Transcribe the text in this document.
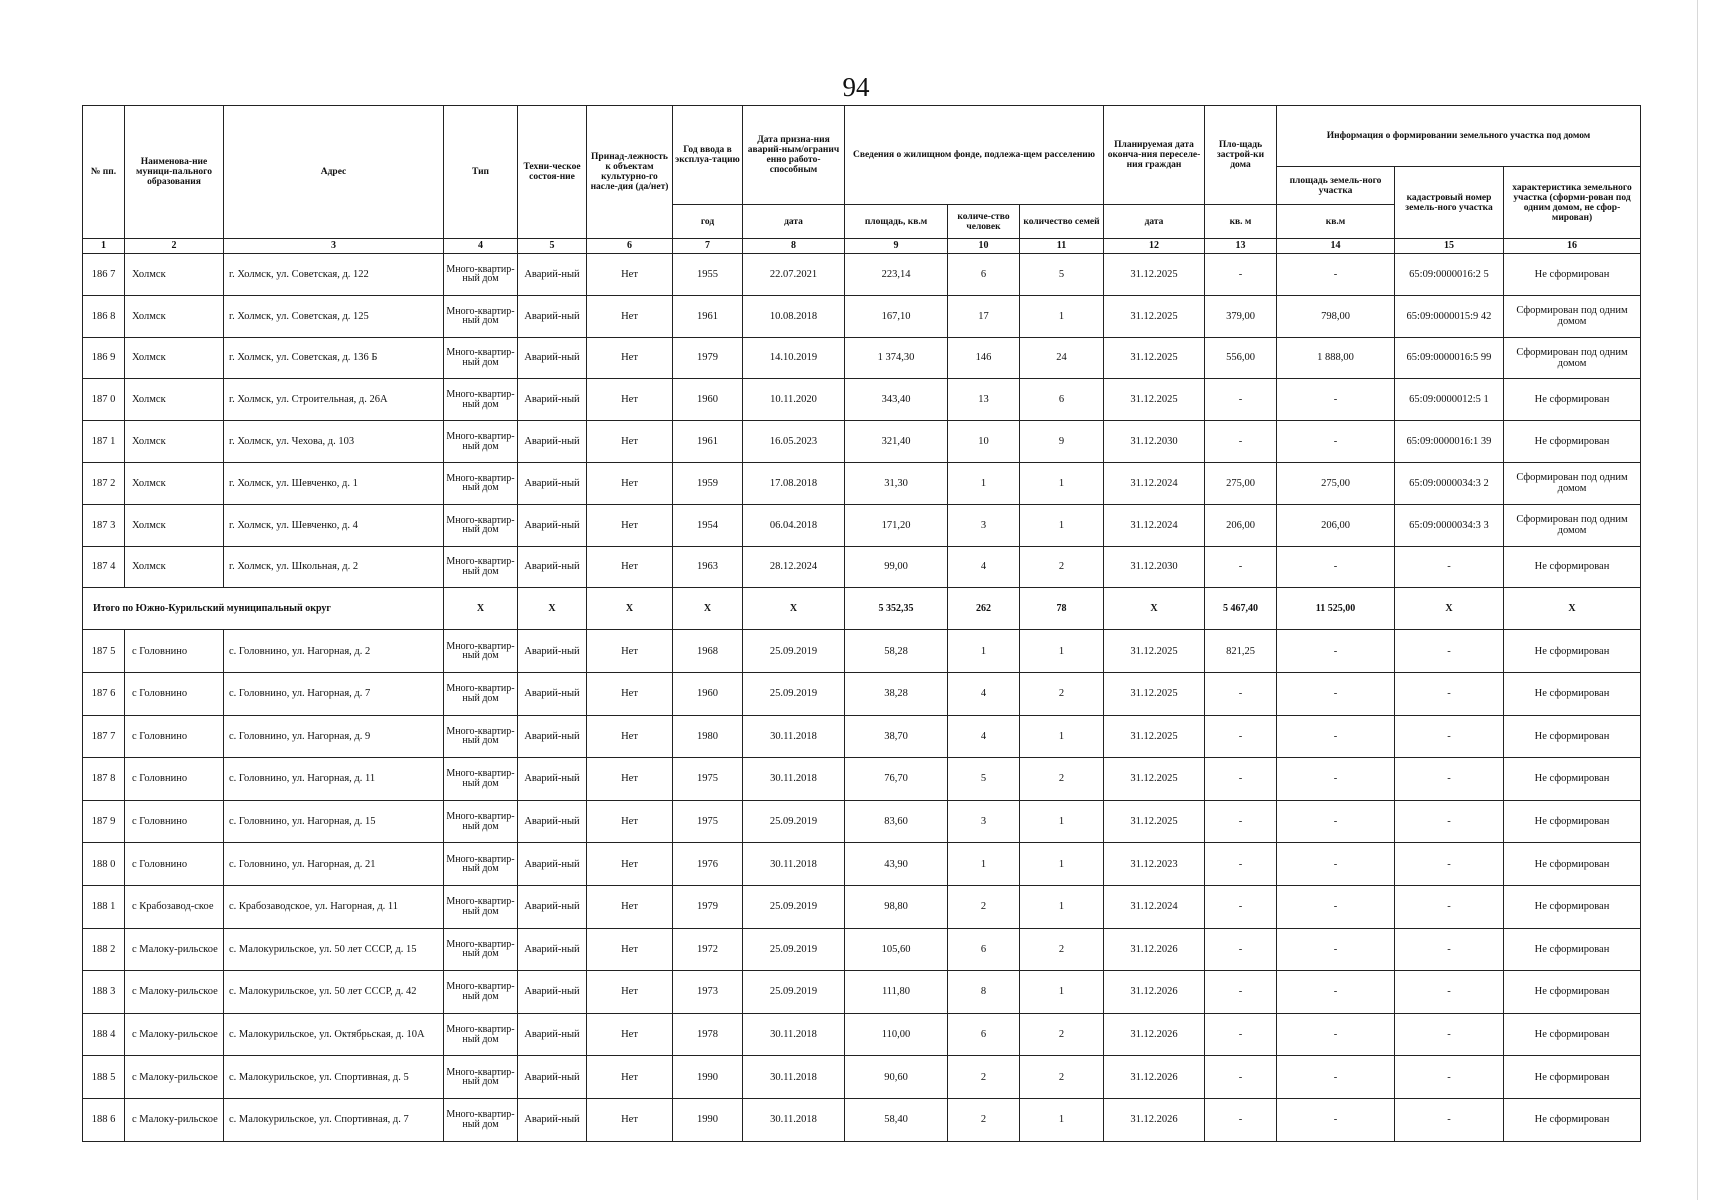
94
№ пп.	Наименова-ние муници-пального образования	Адрес	Тип	Техни-ческое состоя-ние	Принад-лежность к объектам культурно-го насле-дия (да/нет)	Год ввода в эксплуа-тацию	Дата призна-ния аварий-ным/огранич енно работо-способным	Сведения о жилищном фонде, подлежа-щем расселению			Планируемая дата оконча-ния переселе-ния граждан	Пло-щадь застрой-ки дома	Информация о формировании земельного участка под домом		
													площадь земель-ного участка	кадастровый номер земель-ного участка	характеристика земельного участка (сформи-рован под одним домом, не сфор-мирован)
						год	дата	площадь, кв.м	количе-ство человек	количество семей	дата	кв. м	кв.м		
1	2	3	4	5	6	7	8	9	10	11	12	13	14	15	16
186 7	Холмск	г. Холмск, ул. Советская, д. 122	Много-квартир-ный дом	Аварий-ный	Нет	1955	22.07.2021	223,14	6	5	31.12.2025	-	-	65:09:0000016:2 5	Не сформирован
186 8	Холмск	г. Холмск, ул. Советская, д. 125	Много-квартир-ный дом	Аварий-ный	Нет	1961	10.08.2018	167,10	17	1	31.12.2025	379,00	798,00	65:09:0000015:9 42	Сформирован под одним домом
186 9	Холмск	г. Холмск, ул. Советская, д. 136 Б	Много-квартир-ный дом	Аварий-ный	Нет	1979	14.10.2019	1 374,30	146	24	31.12.2025	556,00	1 888,00	65:09:0000016:5 99	Сформирован под одним домом
187 0	Холмск	г. Холмск, ул. Строительная, д. 26А	Много-квартир-ный дом	Аварий-ный	Нет	1960	10.11.2020	343,40	13	6	31.12.2025	-	-	65:09:0000012:5 1	Не сформирован
187 1	Холмск	г. Холмск, ул. Чехова, д. 103	Много-квартир-ный дом	Аварий-ный	Нет	1961	16.05.2023	321,40	10	9	31.12.2030	-	-	65:09:0000016:1 39	Не сформирован
187 2	Холмск	г. Холмск, ул. Шевченко, д. 1	Много-квартир-ный дом	Аварий-ный	Нет	1959	17.08.2018	31,30	1	1	31.12.2024	275,00	275,00	65:09:0000034:3 2	Сформирован под одним домом
187 3	Холмск	г. Холмск, ул. Шевченко, д. 4	Много-квартир-ный дом	Аварий-ный	Нет	1954	06.04.2018	171,20	3	1	31.12.2024	206,00	206,00	65:09:0000034:3 3	Сформирован под одним домом
187 4	Холмск	г. Холмск, ул. Школьная, д. 2	Много-квартир-ный дом	Аварий-ный	Нет	1963	28.12.2024	99,00	4	2	31.12.2030	-	-	-	Не сформирован
Итого по Южно-Курильский муниципальный округ			X	X	X	X	X	5 352,35	262	78	X	5 467,40	11 525,00	X	X
187 5	с Головнино	с. Головнино, ул. Нагорная, д. 2	Много-квартир-ный дом	Аварий-ный	Нет	1968	25.09.2019	58,28	1	1	31.12.2025	821,25	-	-	Не сформирован
187 6	с Головнино	с. Головнино, ул. Нагорная, д. 7	Много-квартир-ный дом	Аварий-ный	Нет	1960	25.09.2019	38,28	4	2	31.12.2025	-	-	-	Не сформирован
187 7	с Головнино	с. Головнино, ул. Нагорная, д. 9	Много-квартир-ный дом	Аварий-ный	Нет	1980	30.11.2018	38,70	4	1	31.12.2025	-	-	-	Не сформирован
187 8	с Головнино	с. Головнино, ул. Нагорная, д. 11	Много-квартир-ный дом	Аварий-ный	Нет	1975	30.11.2018	76,70	5	2	31.12.2025	-	-	-	Не сформирован
187 9	с Головнино	с. Головнино, ул. Нагорная, д. 15	Много-квартир-ный дом	Аварий-ный	Нет	1975	25.09.2019	83,60	3	1	31.12.2025	-	-	-	Не сформирован
188 0	с Головнино	с. Головнино, ул. Нагорная, д. 21	Много-квартир-ный дом	Аварий-ный	Нет	1976	30.11.2018	43,90	1	1	31.12.2023	-	-	-	Не сформирован
188 1	с Крабозавод-ское	с. Крабозаводское, ул. Нагорная, д. 11	Много-квартир-ный дом	Аварий-ный	Нет	1979	25.09.2019	98,80	2	1	31.12.2024	-	-	-	Не сформирован
188 2	с Малоку-рильское	с. Малокурильское, ул. 50 лет СССР, д. 15	Много-квартир-ный дом	Аварий-ный	Нет	1972	25.09.2019	105,60	6	2	31.12.2026	-	-	-	Не сформирован
188 3	с Малоку-рильское	с. Малокурильское, ул. 50 лет СССР, д. 42	Много-квартир-ный дом	Аварий-ный	Нет	1973	25.09.2019	111,80	8	1	31.12.2026	-	-	-	Не сформирован
188 4	с Малоку-рильское	с. Малокурильское, ул. Октябрьская, д. 10А	Много-квартир-ный дом	Аварий-ный	Нет	1978	30.11.2018	110,00	6	2	31.12.2026	-	-	-	Не сформирован
188 5	с Малоку-рильское	с. Малокурильское, ул. Спортивная, д. 5	Много-квартир-ный дом	Аварий-ный	Нет	1990	30.11.2018	90,60	2	2	31.12.2026	-	-	-	Не сформирован
188 6	с Малоку-рильское	с. Малокурильское, ул. Спортивная, д. 7	Много-квартир-ный дом	Аварий-ный	Нет	1990	30.11.2018	58,40	2	1	31.12.2026	-	-	-	Не сформирован
